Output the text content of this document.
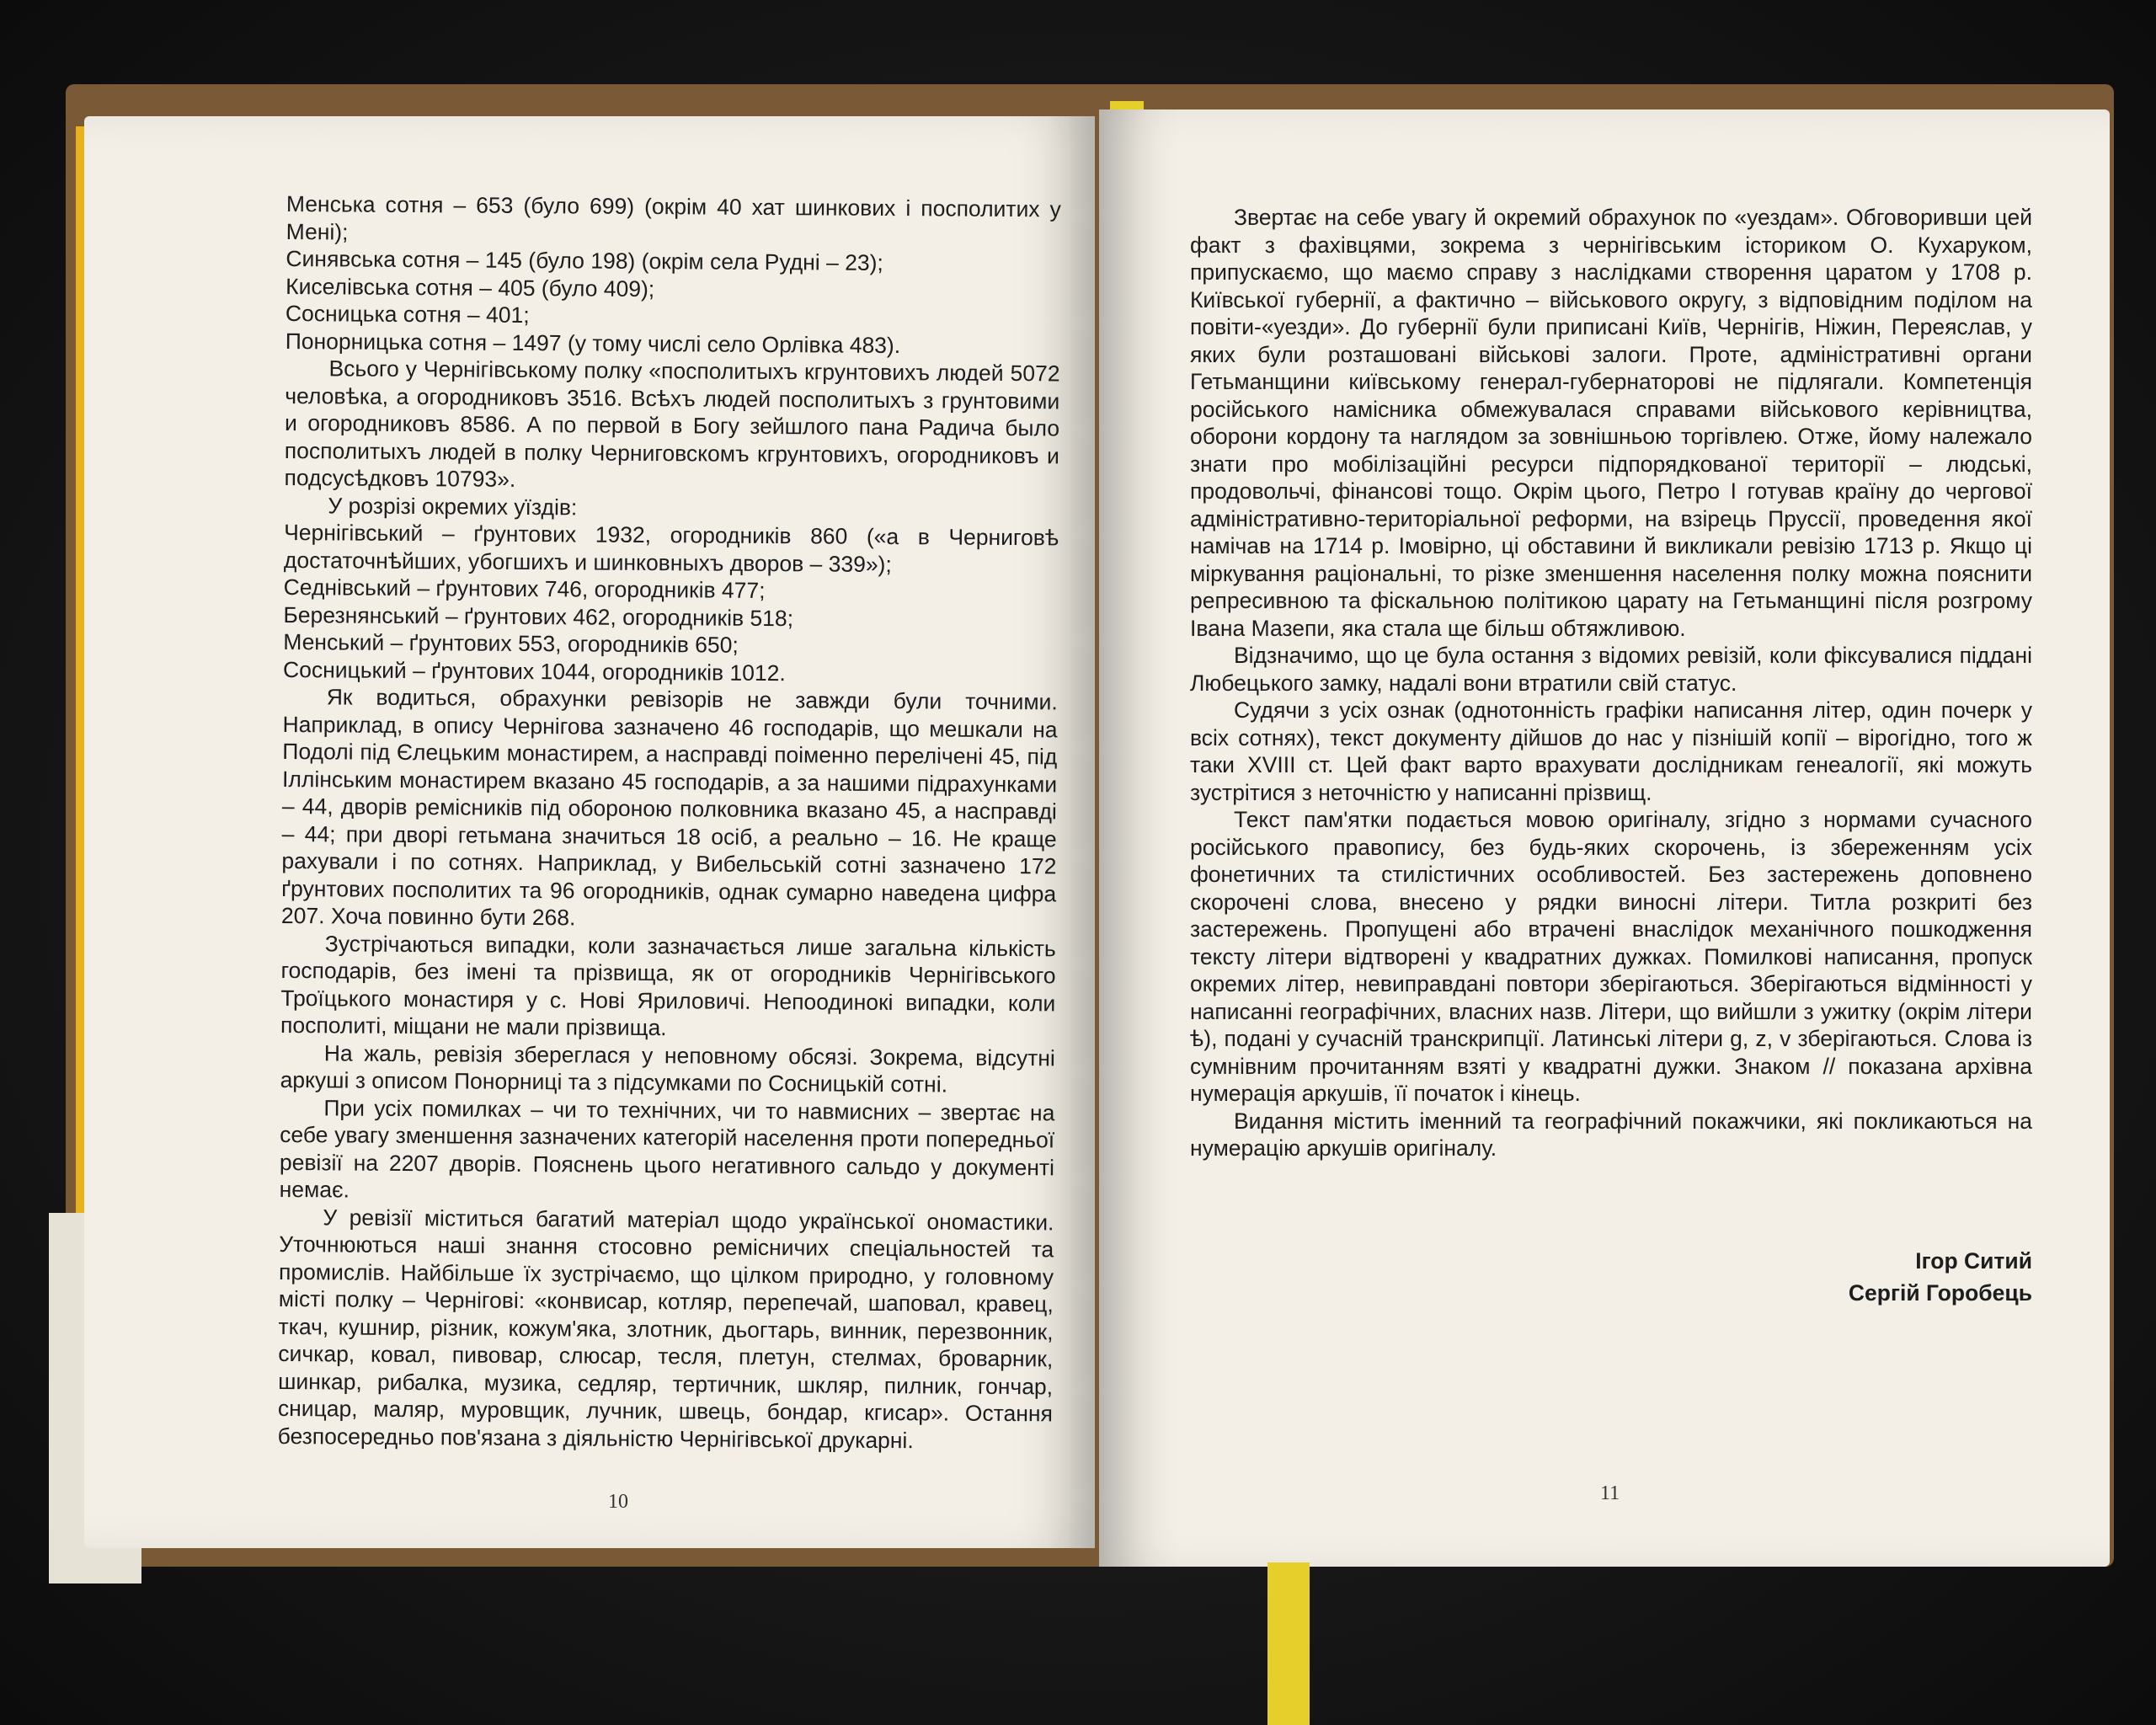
Менська сотня – 653 (було 699) (окрім 40 хат шинкових і посполитих у Мені);

Синявська сотня – 145 (було 198) (окрім села Рудні – 23);

Киселівська сотня – 405 (було 409);

Сосницька сотня – 401;

Понорницька сотня – 1497 (у тому числі село Орлівка 483).

Всього у Чернігівському полку «посполитыхъ кгрунтовихъ людей 5072 человѣка, а огородниковъ 3516. Всѣхъ людей посполитыхъ з грунтовими и огородниковъ 8586. А по первой в Богу зейшлого пана Радича было посполитыхъ людей в полку Черниговскомъ кгрунтовихъ, огородниковъ и подсусѣдковъ 10793».

У розрізі окремих уїздів:

Чернігівський – ґрунтових 1932, огородників 860 («а в Черниговѣ достаточнѣйших, убогшихъ и шинковныхъ дворов – 339»);

Седнівський – ґрунтових 746, огородників 477;

Березнянський – ґрунтових 462, огородників 518;

Менський – ґрунтових 553, огородників 650;

Сосницький – ґрунтових 1044, огородників 1012.

Як водиться, обрахунки ревізорів не завжди були точними. Наприклад, в опису Чернігова зазначено 46 господарів, що мешкали на Подолі під Єлецьким монастирем, а насправді поіменно перелічені 45, під Іллінським монастирем вказано 45 господарів, а за нашими підрахунками – 44, дворів ремісників під обороною полковника вказано 45, а насправді – 44; при дворі гетьмана значиться 18 осіб, а реально – 16. Не краще рахували і по сотнях. Наприклад, у Вибельській сотні зазначено 172 ґрунтових посполитих та 96 огородників, однак сумарно наведена цифра 207. Хоча повинно бути 268.

Зустрічаються випадки, коли зазначається лише загальна кількість господарів, без імені та прізвища, як от огородників Чернігівського Троїцького монастиря у с. Нові Яриловичі. Непоодинокі випадки, коли посполиті, міщани не мали прізвища.

На жаль, ревізія збереглася у неповному обсязі. Зокрема, відсутні аркуші з описом Понорниці та з підсумками по Сосницькій сотні.

При усіх помилках – чи то технічних, чи то навмисних – звертає на себе увагу зменшення зазначених категорій населення проти попередньої ревізії на 2207 дворів. Пояснень цього негативного сальдо у документі немає.

У ревізії міститься багатий матеріал щодо української ономастики. Уточнюються наші знання стосовно ремісничих спеціальностей та промислів. Найбільше їх зустрічаємо, що цілком природно, у головному місті полку – Чернігові: «конвисар, котляр, перепечай, шаповал, кравец, ткач, кушнир, різник, кожум'яка, злотник, дьогтарь, винник, перезвонник, сичкар, ковал, пивовар, слюсар, тесля, плетун, стелмах, броварник, шинкар, рибалка, музика, седляр, тертичник, шкляр, пилник, гончар, сницар, маляр, муровщик, лучник, швець, бондар, кгисар». Остання безпосередньо пов'язана з діяльністю Чернігівської друкарні.

10

Звертає на себе увагу й окремий обрахунок по «уездам». Обговоривши цей факт з фахівцями, зокрема з чернігівським істориком О. Кухаруком, припускаємо, що маємо справу з наслідками створення царатом у 1708 р. Київської губернії, а фактично – військового округу, з відповідним поділом на повіти-«уезди». До губернії були приписані Київ, Чернігів, Ніжин, Переяслав, у яких були розташовані військові залоги. Проте, адміністративні органи Гетьманщини київському генерал-губернаторові не підлягали. Компетенція російського намісника обмежувалася справами військового керівництва, оборони кордону та наглядом за зовнішньою торгівлею. Отже, йому належало знати про мобілізаційні ресурси підпорядкованої території – людські, продовольчі, фінансові тощо. Окрім цього, Петро І готував країну до чергової адміністративно-територіальної реформи, на взірець Пруссії, проведення якої намічав на 1714 р. Імовірно, ці обставини й викликали ревізію 1713 р. Якщо ці міркування раціональні, то різке зменшення населення полку можна пояснити репресивною та фіскальною політикою царату на Гетьманщині після розгрому Івана Мазепи, яка стала ще більш обтяжливою.

Відзначимо, що це була остання з відомих ревізій, коли фіксувалися піддані Любецького замку, надалі вони втратили свій статус.

Судячи з усіх ознак (однотонність графіки написання літер, один почерк у всіх сотнях), текст документу дійшов до нас у пізнішій копії – вірогідно, того ж таки XVIII ст. Цей факт варто врахувати дослідникам генеалогії, які можуть зустрітися з неточністю у написанні прізвищ.

Текст пам'ятки подається мовою оригіналу, згідно з нормами сучасного російського правопису, без будь-яких скорочень, із збереженням усіх фонетичних та стилістичних особливостей. Без застережень доповнено скорочені слова, внесено у рядки виносні літери. Титла розкриті без застережень. Пропущені або втрачені внаслідок механічного пошкодження тексту літери відтворені у квадратних дужках. Помилкові написання, пропуск окремих літер, невиправдані повтори зберігаються. Зберігаються відмінності у написанні географічних, власних назв. Літери, що вийшли з ужитку (окрім літери ѣ), подані у сучасній транскрипції. Латинські літери g, z, v зберігаються. Слова із сумнівним прочитанням взяті у квадратні дужки. Знаком // показана архівна нумерація аркушів, її початок і кінець.

Видання містить іменний та географічний покажчики, які покликаються на нумерацію аркушів оригіналу.

Ігор Ситий
Сергій Горобець
11
